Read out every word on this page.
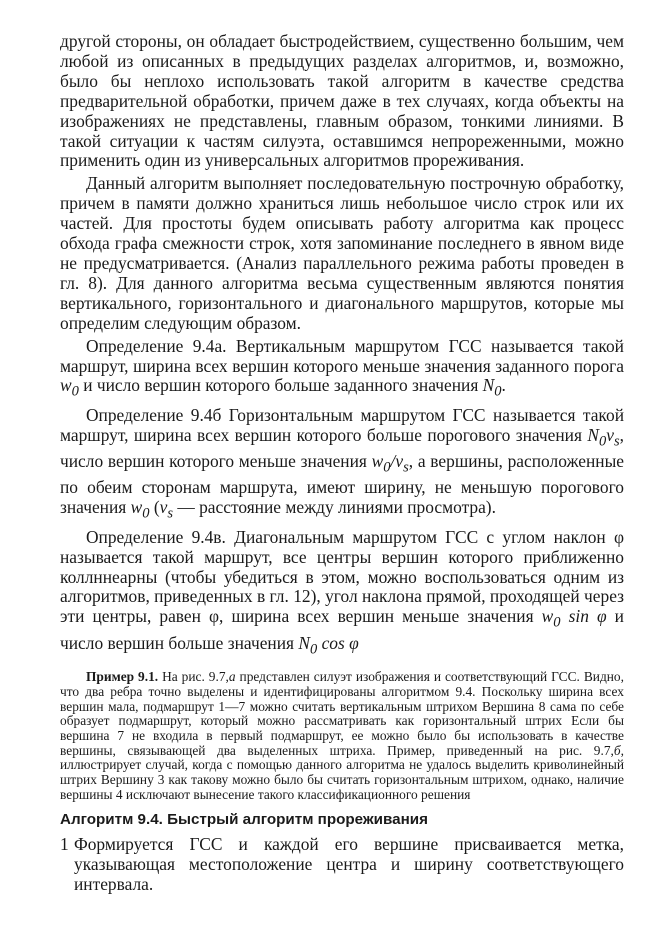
другой стороны, он обладает быстродействием, существенно большим, чем любой из описанных в предыдущих разделах алгоритмов, и, возможно, было бы неплохо использовать такой алгоритм в качестве средства предварительной обработки, причем даже в тех случаях, когда объекты на изображениях не представлены, главным образом, тонкими линиями. В такой ситуации к частям силуэта, оставшимся непрореженными, можно применить один из универсальных алгоритмов прореживания.

Данный алгоритм выполняет последовательную построчную обработку, причем в памяти должно храниться лишь небольшое число строк или их частей. Для простоты будем описывать работу алгоритма как процесс обхода графа смежности строк, хотя запоминание последнего в явном виде не предусматривается. (Анализ параллельного режима работы проведен в гл. 8). Для данного алгоритма весьма существенным являются понятия вертикального, горизонтального и диагонального маршрутов, которые мы определим следующим образом.

Определение 9.4а. Вертикальным маршрутом ГСС называется такой маршрут, ширина всех вершин которого меньше значения заданного порога $w_0$ и число вершин которого больше заданного значения $N_0$.

Определение 9.4б Горизонтальным маршрутом ГСС называется такой маршрут, ширина всех вершин которого больше порогового значения $N_0v_s$, число вершин которого меньше значения $w_0/v_s$, а вершины, расположенные по обеим сторонам маршрута, имеют ширину, не меньшую порогового значения $w_0$ ($v_s$ — расстояние между линиями просмотра).

Определение 9.4в. Диагональным маршрутом ГСС с углом наклон φ называется такой маршрут, все центры вершин которого приближенно коллннеарны (чтобы убедиться в этом, можно воспользоваться одним из алгоритмов, приведенных в гл. 12), угол наклона прямой, проходящей через эти центры, равен φ, ширина всех вершин меньше значения $w_0$ sin φ и число вершин больше значения $N_0$ cos φ

Пример 9.1. На рис. 9.7,а представлен силуэт изображения и соответствующий ГСС. Видно, что два ребра точно выделены и идентифицированы алгоритмом 9.4. Поскольку ширина всех вершин мала, подмаршрут 1—7 можно считать вертикальным штрихом Вершина 8 сама по себе образует подмаршрут, который можно рассматривать как горизонтальный штрих Если бы вершина 7 не входила в первый подмаршрут, ее можно было бы использовать в качестве вершины, связывающей два выделенных штриха. Пример, приведенный на рис. 9.7,б, иллюстрирует случай, когда с помощью данного алгоритма не удалось выделить криволинейный штрих Вершину 3 как такову можно было бы считать горизонтальным штрихом, однако, наличие вершины 4 исключают вынесение такого классификационного решения

Алгоритм 9.4. Быстрый алгоритм прореживания

1 Формируется ГСС и каждой его вершине присваивается метка, указывающая местоположение центра и ширину соответствующего интервала.
